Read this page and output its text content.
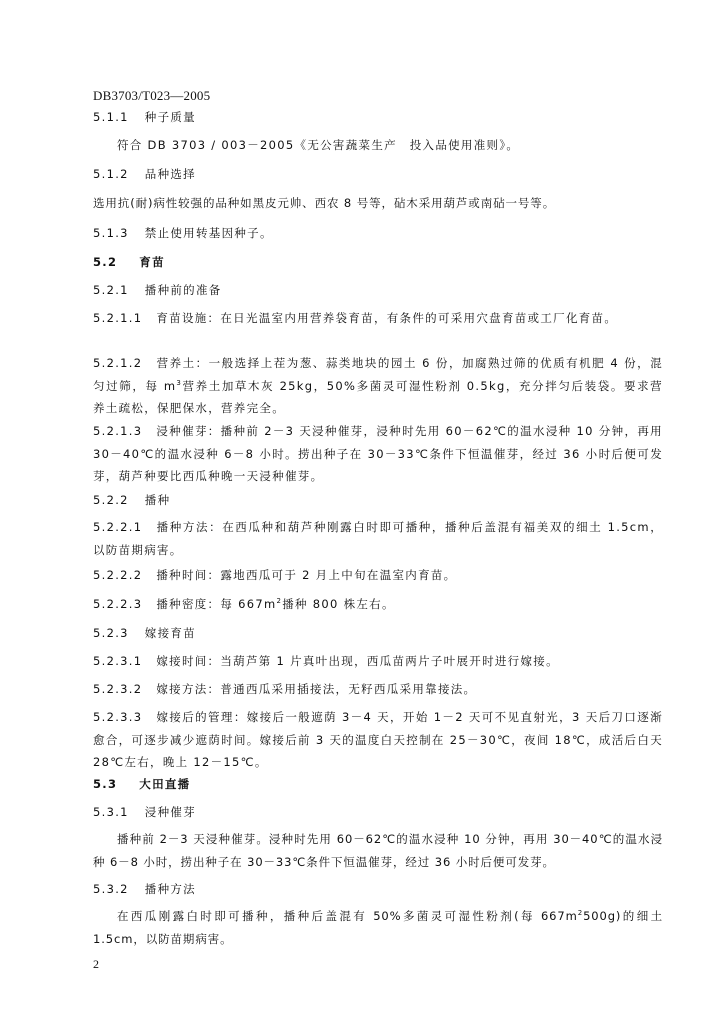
DB3703/T023—2005
5.1.1 种子质量
符合 DB 3703 / 003－2005《无公害蔬菜生产　投入品使用准则》。
5.1.2 品种选择
选用抗(耐)病性较强的品种如黑皮元帅、西农 8 号等，砧木采用葫芦或南砧一号等。
5.1.3 禁止使用转基因种子。
5.2 育苗
5.2.1 播种前的准备
5.2.1.1 育苗设施：在日光温室内用营养袋育苗，有条件的可采用穴盘育苗或工厂化育苗。
5.2.1.2 营养土：一般选择上茬为葱、蒜类地块的园土 6 份，加腐熟过筛的优质有机肥 4 份，混匀过筛，每 $m^3$营养土加草木灰 25kg，50%多菌灵可湿性粉剂 0.5kg，充分拌匀后装袋。要求营养土疏松，保肥保水，营养完全。
5.2.1.3 浸种催芽：播种前 2－3 天浸种催芽，浸种时先用 60－62℃的温水浸种 10 分钟，再用 30－40℃的温水浸种 6－8 小时。捞出种子在 30－33℃条件下恒温催芽，经过 36 小时后便可发芽，葫芦种要比西瓜种晚一天浸种催芽。
5.2.2 播种
5.2.2.1 播种方法：在西瓜种和葫芦种刚露白时即可播种，播种后盖混有福美双的细土 1.5cm，以防苗期病害。
5.2.2.2 播种时间：露地西瓜可于 2 月上中旬在温室内育苗。
5.2.2.3 播种密度：每 $667m^2$播种 800 株左右。
5.2.3 嫁接育苗
5.2.3.1 嫁接时间：当葫芦第 1 片真叶出现，西瓜苗两片子叶展开时进行嫁接。
5.2.3.2 嫁接方法：普通西瓜采用插接法，无籽西瓜采用靠接法。
5.2.3.3 嫁接后的管理：嫁接后一般遮荫 3－4 天，开始 1－2 天可不见直射光，3 天后刀口逐渐愈合，可逐步减少遮荫时间。嫁接后前 3 天的温度白天控制在 25－30℃，夜间 18℃，成活后白天 28℃左右，晚上 12－15℃。
5.3 大田直播
5.3.1 浸种催芽
播种前 2－3 天浸种催芽。浸种时先用 60－62℃的温水浸种 10 分钟，再用 30－40℃的温水浸种 6－8 小时，捞出种子在 30－33℃条件下恒温催芽，经过 36 小时后便可发芽。
5.3.2 播种方法
在西瓜刚露白时即可播种，播种后盖混有 50%多菌灵可湿性粉剂(每 $667m^2500g$)的细土 1.5cm，以防苗期病害。
2
